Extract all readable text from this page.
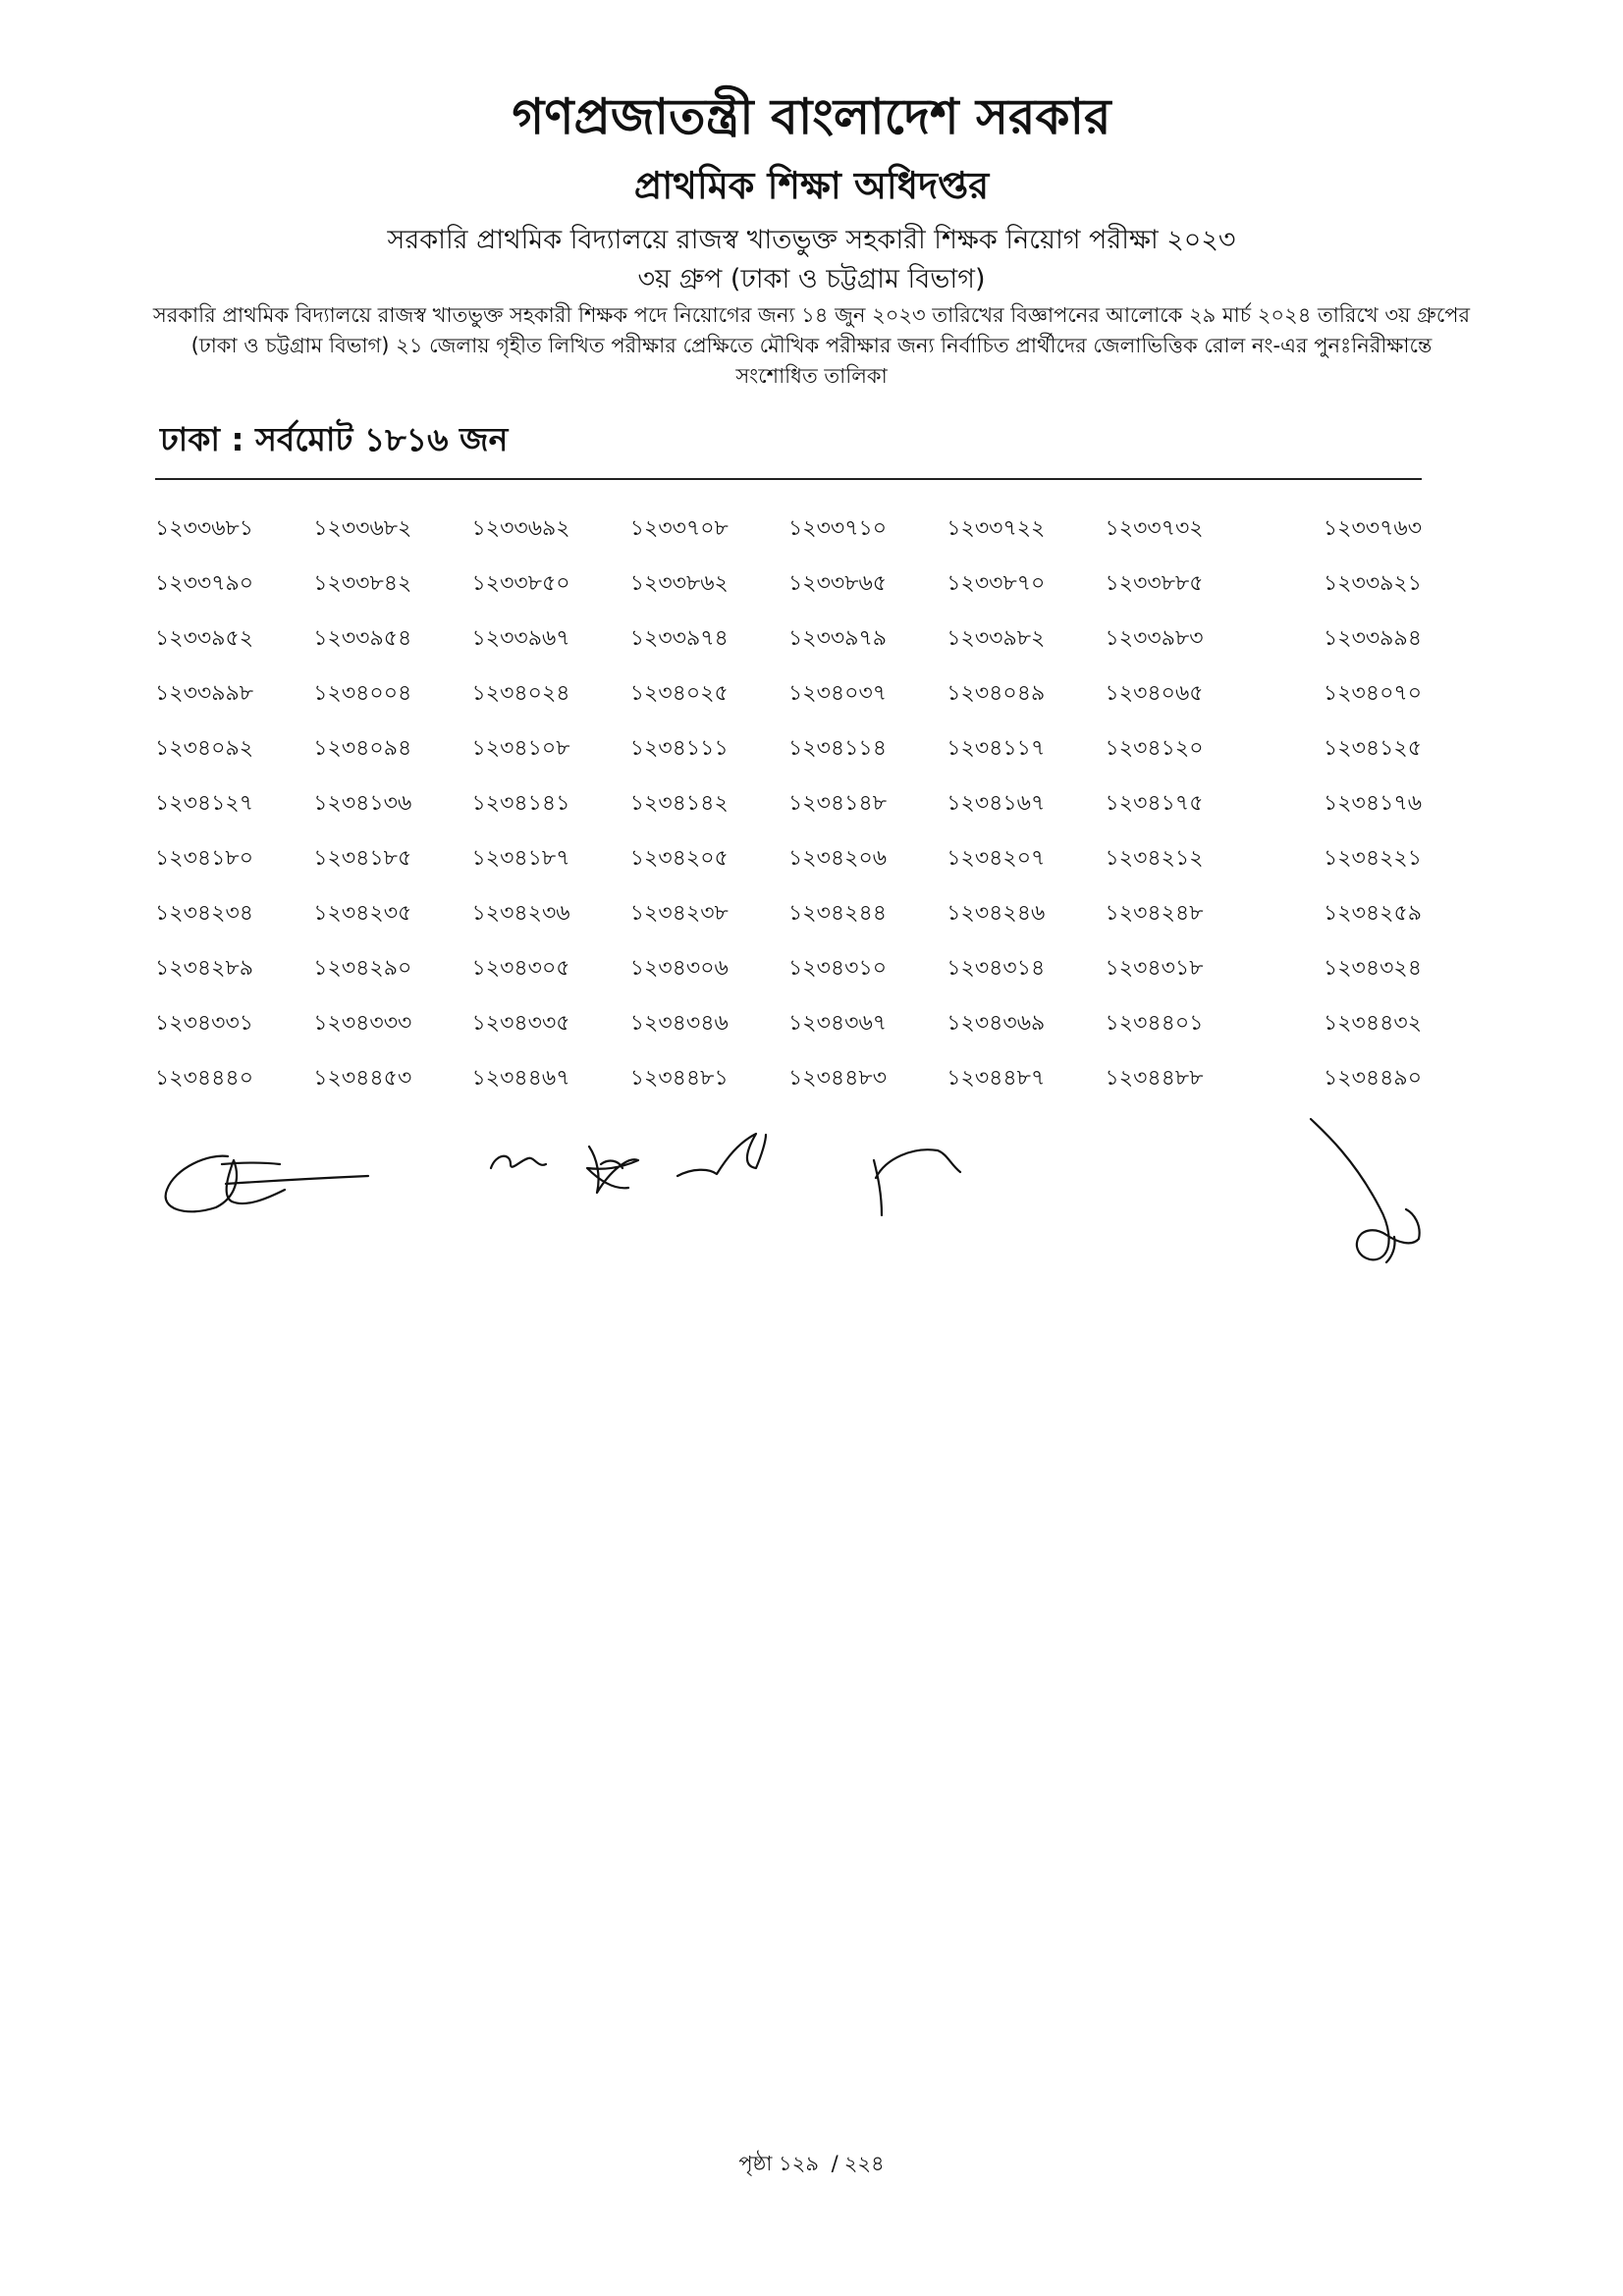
গণপ্রজাতন্ত্রী বাংলাদেশ সরকার
প্রাথমিক শিক্ষা অধিদপ্তর
সরকারি প্রাথমিক বিদ্যালয়ে রাজস্ব খাতভুক্ত সহকারী শিক্ষক নিয়োগ পরীক্ষা ২০২৩
৩য় গ্রুপ (ঢাকা ও চট্টগ্রাম বিভাগ)
সরকারি প্রাথমিক বিদ্যালয়ে রাজস্ব খাতভুক্ত সহকারী শিক্ষক পদে নিয়োগের জন্য ১৪ জুন ২০২৩ তারিখের বিজ্ঞাপনের আলোকে ২৯ মার্চ ২০২৪ তারিখে ৩য় গ্রুপের (ঢাকা ও চট্টগ্রাম বিভাগ) ২১ জেলায় গৃহীত লিখিত পরীক্ষার প্রেক্ষিতে মৌখিক পরীক্ষার জন্য নির্বাচিত প্রার্থীদের জেলাভিত্তিক রোল নং-এর পুনঃনিরীক্ষান্তে সংশোধিত তালিকা
ঢাকা : সর্বমোট ১৮১৬ জন
১২৩৩৬৮১	১২৩৩৬৮২	১২৩৩৬৯২	১২৩৩৭০৮	১২৩৩৭১০	১২৩৩৭২২	১২৩৩৭৩২	১২৩৩৭৬৩
১২৩৩৭৯০	১২৩৩৮৪২	১২৩৩৮৫০	১২৩৩৮৬২	১২৩৩৮৬৫	১২৩৩৮৭০	১২৩৩৮৮৫	১২৩৩৯২১
১২৩৩৯৫২	১২৩৩৯৫৪	১২৩৩৯৬৭	১২৩৩৯৭৪	১২৩৩৯৭৯	১২৩৩৯৮২	১২৩৩৯৮৩	১২৩৩৯৯৪
১২৩৩৯৯৮	১২৩৪০০৪	১২৩৪০২৪	১২৩৪০২৫	১২৩৪০৩৭	১২৩৪০৪৯	১২৩৪০৬৫	১২৩৪০৭০
১২৩৪০৯২	১২৩৪০৯৪	১২৩৪১০৮	১২৩৪১১১	১২৩৪১১৪	১২৩৪১১৭	১২৩৪১২০	১২৩৪১২৫
১২৩৪১২৭	১২৩৪১৩৬	১২৩৪১৪১	১২৩৪১৪২	১২৩৪১৪৮	১২৩৪১৬৭	১২৩৪১৭৫	১২৩৪১৭৬
১২৩৪১৮০	১২৩৪১৮৫	১২৩৪১৮৭	১২৩৪২০৫	১২৩৪২০৬	১২৩৪২০৭	১২৩৪২১২	১২৩৪২২১
১২৩৪২৩৪	১২৩৪২৩৫	১২৩৪২৩৬	১২৩৪২৩৮	১২৩৪২৪৪	১২৩৪২৪৬	১২৩৪২৪৮	১২৩৪২৫৯
১২৩৪২৮৯	১২৩৪২৯০	১২৩৪৩০৫	১২৩৪৩০৬	১২৩৪৩১০	১২৩৪৩১৪	১২৩৪৩১৮	১২৩৪৩২৪
১২৩৪৩৩১	১২৩৪৩৩৩	১২৩৪৩৩৫	১২৩৪৩৪৬	১২৩৪৩৬৭	১২৩৪৩৬৯	১২৩৪৪০১	১২৩৪৪৩২
১২৩৪৪৪০	১২৩৪৪৫৩	১২৩৪৪৬৭	১২৩৪৪৮১	১২৩৪৪৮৩	১২৩৪৪৮৭	১২৩৪৪৮৮	১২৩৪৪৯০
পৃষ্ঠা ১২৯ / ২২৪
